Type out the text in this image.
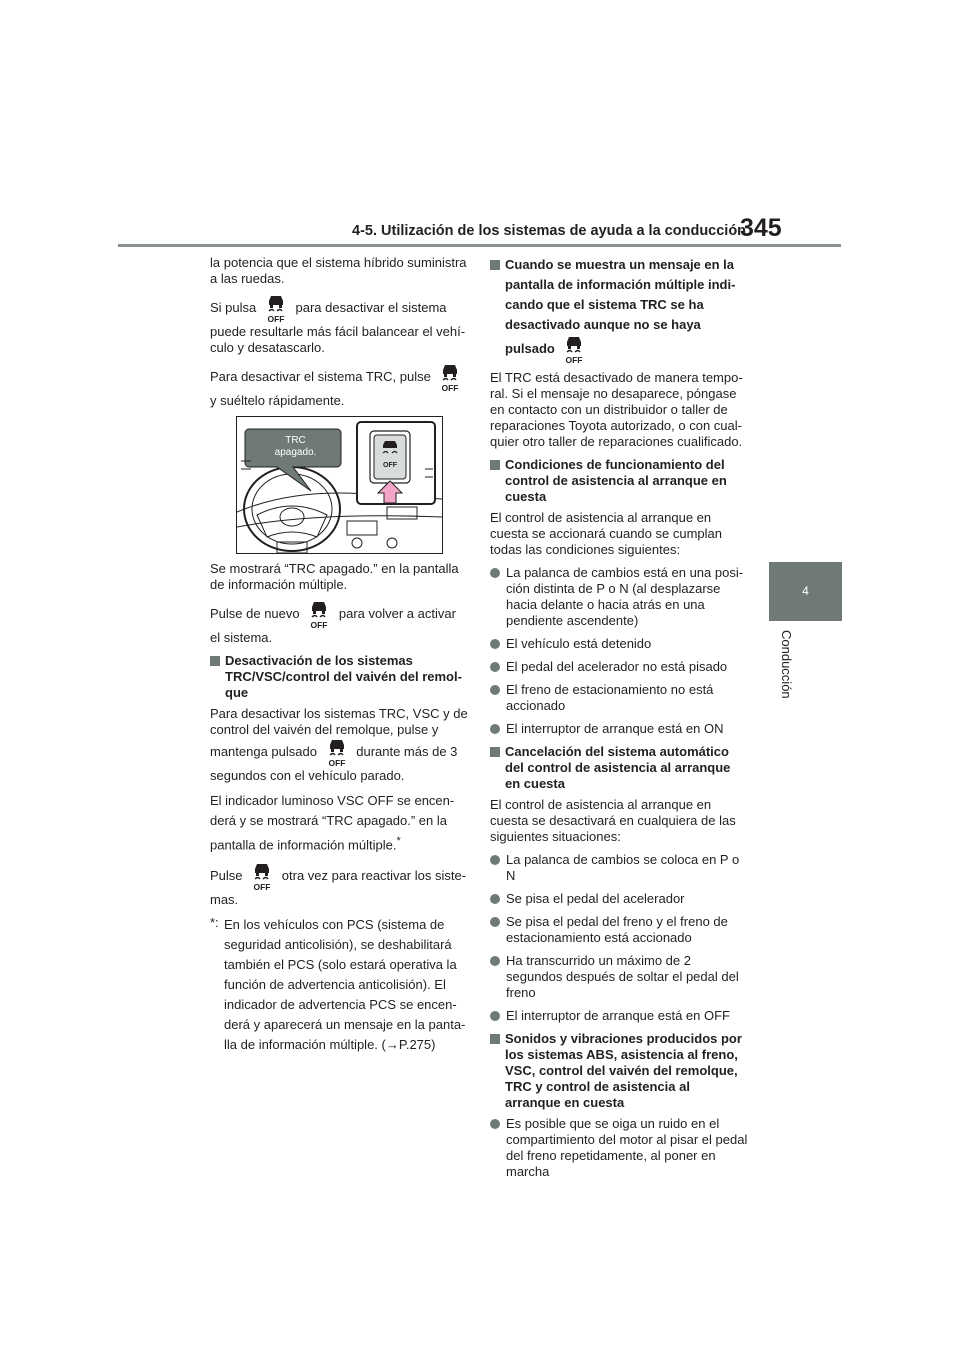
4-5. Utilización de los sistemas de ayuda a la conducción
345
4
Conducción

la potencia que el sistema híbrido suministra a las ruedas.

Si pulsa
OFF
para desactivar el sistema puede resultarle más fácil balancear el vehículo y desatascarlo.

Para desactivar el sistema TRC, pulse
OFF
y suéltelo rápidamente.

OFF
TRC
apagado.

Se mostrará “TRC apagado.” en la pantalla de información múltiple.

Pulse de nuevo
OFF
para volver a activar el sistema.

Desactivación de los sistemas TRC/VSC/control del vaivén del remolque

Para desactivar los sistemas TRC, VSC y de control del vaivén del remolque, pulse y mantenga pulsado
OFF
durante más de 3 segundos con el vehículo parado.

El indicador luminoso VSC OFF se encenderá y se mostrará “TRC apagado.” en la pantalla de información múltiple.*

Pulse
OFF
otra vez para reactivar los sistemas.

*: En los vehículos con PCS (sistema de seguridad anticolisión), se deshabilitará también el PCS (solo estará operativa la función de advertencia anticolisión). El indicador de advertencia PCS se encenderá y aparecerá un mensaje en la pantalla de información múltiple. (→P.275)
Cuando se muestra un mensaje en la pantalla de información múltiple indicando que el sistema TRC se ha desactivado aunque no se haya pulsado
OFF

El TRC está desactivado de manera temporal. Si el mensaje no desaparece, póngase en contacto con un distribuidor o taller de reparaciones Toyota autorizado, o con cualquier otro taller de reparaciones cualificado.

Condiciones de funcionamiento del control de asistencia al arranque en cuesta

El control de asistencia al arranque en cuesta se accionará cuando se cumplan todas las condiciones siguientes:

La palanca de cambios está en una posición distinta de P o N (al desplazarse hacia delante o hacia atrás en una pendiente ascendente)
El vehículo está detenido
El pedal del acelerador no está pisado
El freno de estacionamiento no está accionado
El interruptor de arranque está en ON
Cancelación del sistema automático del control de asistencia al arranque en cuesta

El control de asistencia al arranque en cuesta se desactivará en cualquiera de las siguientes situaciones:

La palanca de cambios se coloca en P o N
Se pisa el pedal del acelerador
Se pisa el pedal del freno y el freno de estacionamiento está accionado
Ha transcurrido un máximo de 2 segundos después de soltar el pedal del freno
El interruptor de arranque está en OFF
Sonidos y vibraciones producidos por los sistemas ABS, asistencia al freno, VSC, control del vaivén del remolque, TRC y control de asistencia al arranque en cuesta
Es posible que se oiga un ruido en el compartimiento del motor al pisar el pedal del freno repetidamente, al poner en marcha
